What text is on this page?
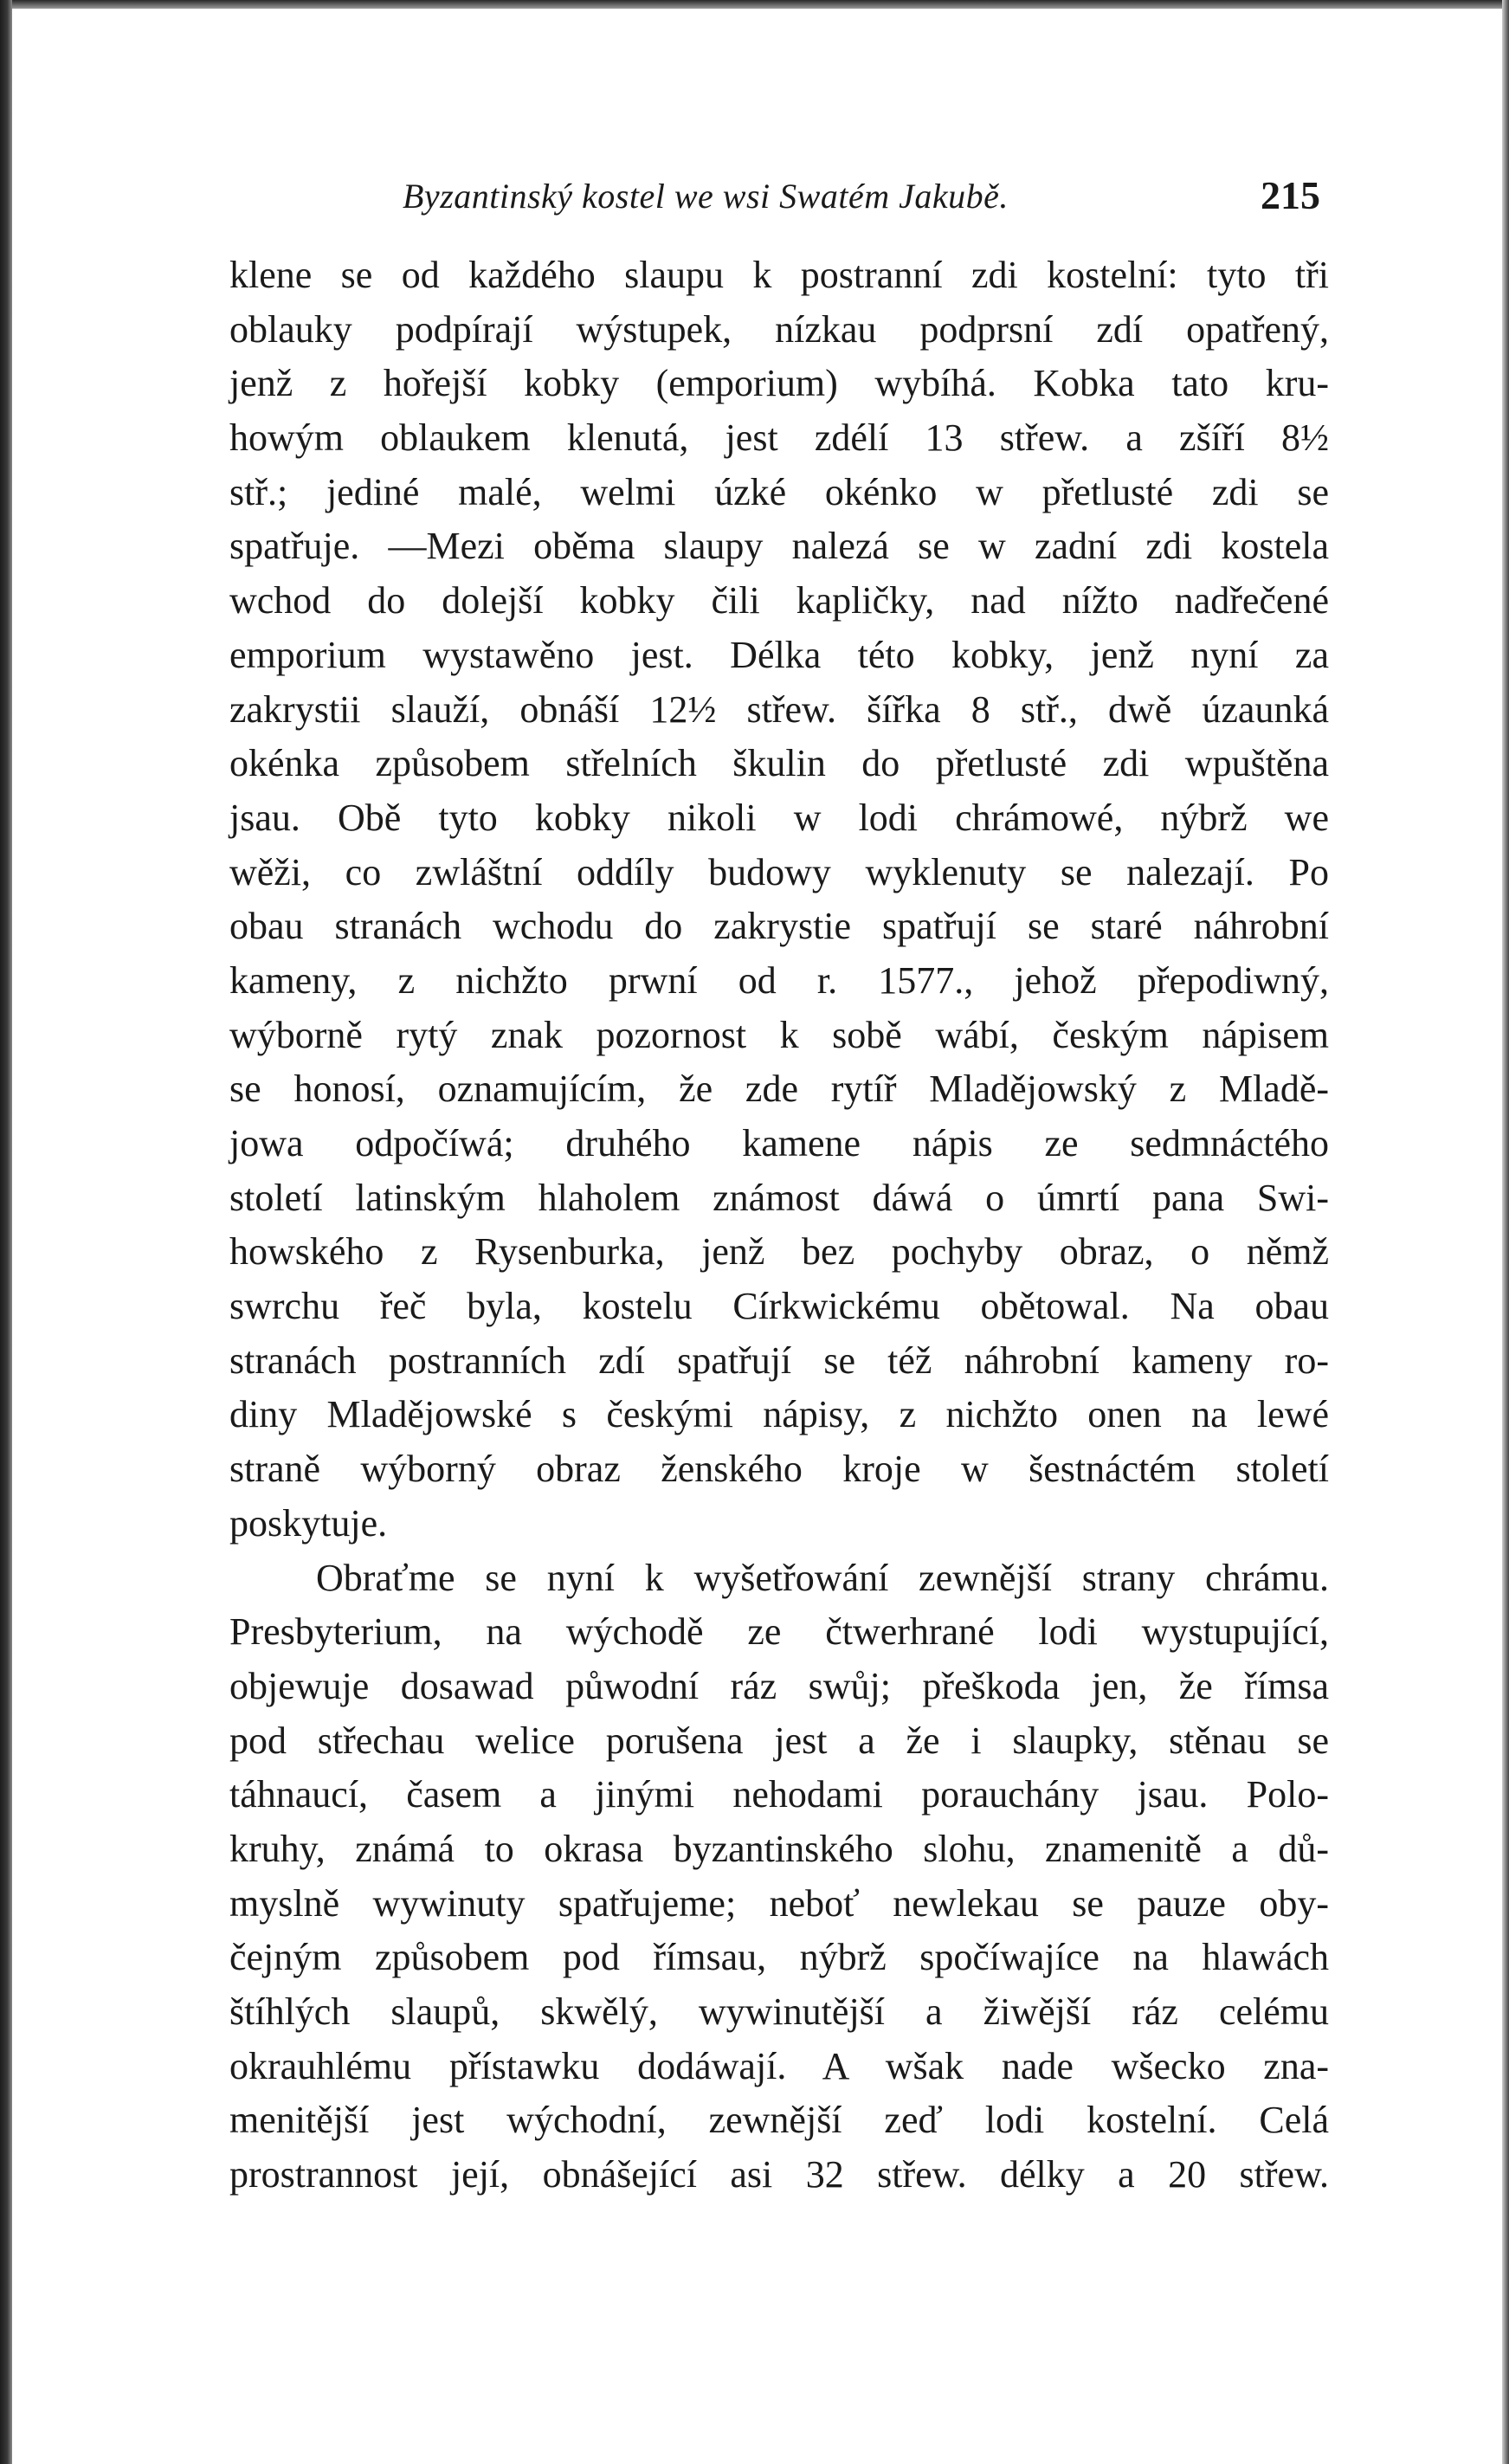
Byzantinský kostel we wsi Swatém Jakubě.	215
klene se od každého slaupu k postranní zdi kostelní: tyto tři
oblauky podpírají wýstupek, nízkau podprsní zdí opatřený,
jenž z hořejší kobky (emporium) wybíhá. Kobka tato kru-
howým oblaukem klenutá, jest zdélí 13 střew. a zšíří 8½
stř.; jediné malé, welmi úzké okénko w přetlusté zdi se
spatřuje. —Mezi oběma slaupy nalezá se w zadní zdi kostela
wchod do dolejší kobky čili kapličky, nad nížto nadřečené
emporium wystawěno jest. Délka této kobky, jenž nyní za
zakrystii slauží, obnáší 12½ střew. šířka 8 stř., dwě úzaunká
okénka způsobem střelních škulin do přetlusté zdi wpuštěna
jsau. Obě tyto kobky nikoli w lodi chrámowé, nýbrž we
wěži, co zwláštní oddíly budowy wyklenuty se nalezají. Po
obau stranách wchodu do zakrystie spatřují se staré náhrobní
kameny, z nichžto prwní od r. 1577., jehož přepodiwný,
wýborně rytý znak pozornost k sobě wábí, českým nápisem
se honosí, oznamujícím, že zde rytíř Mladějowský z Mladě-
jowa odpočíwá; druhého kamene nápis ze sedmnáctého
století latinským hlaholem známost dáwá o úmrtí pana Swi-
howského z Rysenburka, jenž bez pochyby obraz, o němž
swrchu řeč byla, kostelu Církwickému obětowal. Na obau
stranách postranních zdí spatřují se též náhrobní kameny ro-
diny Mladějowské s českými nápisy, z nichžto onen na lewé
straně wýborný obraz ženského kroje w šestnáctém století
poskytuje.
Obraťme se nyní k wyšetřowání zewnější strany chrámu.
Presbyterium, na wýchodě ze čtwerhrané lodi wystupující,
objewuje dosawad půwodní ráz swůj; přeškoda jen, že římsa
pod střechau welice porušena jest a že i slaupky, stěnau se
táhnaucí, časem a jinými nehodami porauchány jsau. Polo-
kruhy, známá to okrasa byzantinského slohu, znamenitě a dů-
myslně wywinuty spatřujeme; neboť newlekau se pauze oby-
čejným způsobem pod římsau, nýbrž spočíwajíce na hlawách
štíhlých slaupů, skwělý, wywinutější a žiwější ráz celému
okrauhlému přístawku dodáwají. A wšak nade wšecko zna-
menitější jest wýchodní, zewnější zeď lodi kostelní. Celá
prostrannost její, obnášející asi 32 střew. délky a 20 střew.
